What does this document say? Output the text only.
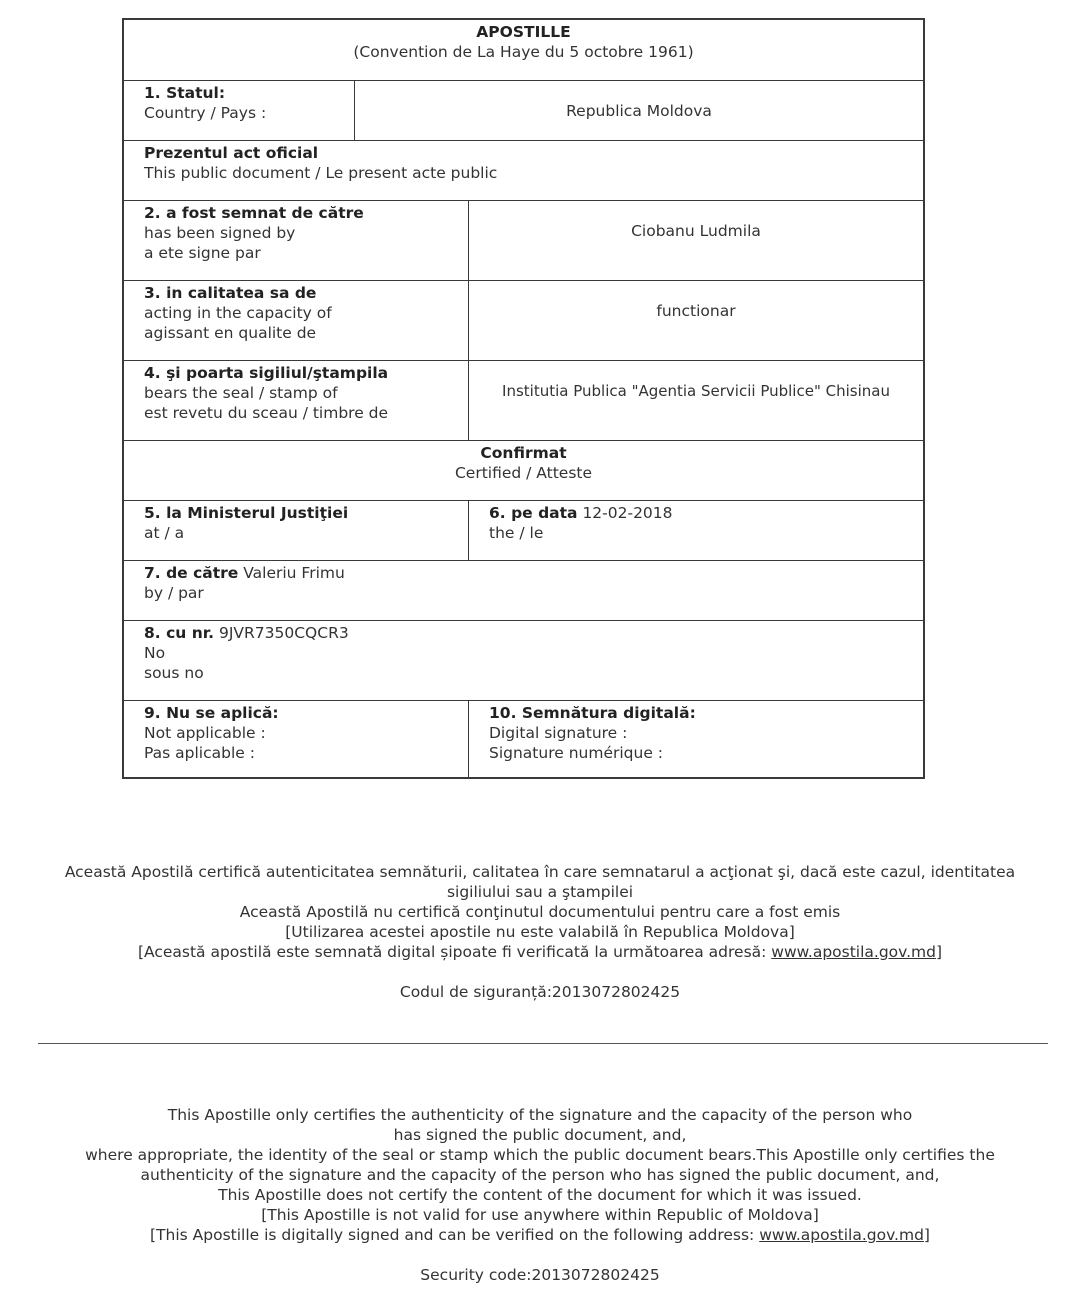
APOSTILLE
(Convention de La Haye du 5 octobre 1961)
1. Statul:
Country / Pays :	Republica Moldova
Prezentul act oficial
This public document / Le present acte public
2. a fost semnat de către
has been signed by
a ete signe par
Ciobanu Ludmila
3. in calitatea sa de
acting in the capacity of
agissant en qualite de
functionar
4. şi poarta sigiliul/ştampila
bears the seal / stamp of
est revetu du sceau / timbre de
Institutia Publica "Agentia Servicii Publice" Chisinau
Confirmat
Certified / Atteste
5. la Ministerul Justiţiei
at / a
6. pe data 12-02-2018
the / le
7. de către Valeriu Frimu
by / par
8. cu nr. 9JVR7350CQCR3
No
sous no
9. Nu se aplică:
Not applicable :
Pas aplicable :
10. Semnătura digitală:
Digital signature :
Signature numérique :
Această Apostilă certifică autenticitatea semnăturii, calitatea în care semnatarul a acţionat şi, dacă este cazul, identitatea
sigiliului sau a ştampilei
Această Apostilă nu certifică conţinutul documentului pentru care a fost emis
[Utilizarea acestei apostile nu este valabilă în Republica Moldova]
[Această apostilă este semnată digital șipoate fi verificată la următoarea adresă: www.apostila.gov.md]
Codul de siguranță:2013072802425
This Apostille only certifies the authenticity of the signature and the capacity of the person who
has signed the public document, and,
where appropriate, the identity of the seal or stamp which the public document bears.This Apostille only certifies the
authenticity of the signature and the capacity of the person who has signed the public document, and,
This Apostille does not certify the content of the document for which it was issued.
[This Apostille is not valid for use anywhere within Republic of Moldova]
[This Apostille is digitally signed and can be verified on the following address: www.apostila.gov.md]
Security code:2013072802425
